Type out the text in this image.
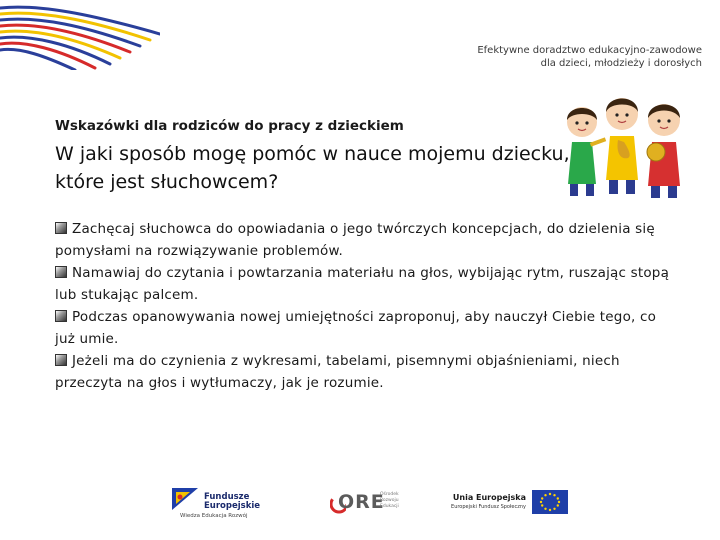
Efektywne doradztwo edukacyjno-zawodowe
dla dzieci, młodzieży i dorosłych
Wskazówki dla rodziców do pracy z dzieckiem
W jaki sposób mogę pomóc w nauce mojemu dziecku, które jest słuchowcem?
Zachęcaj słuchowca do opowiadania o jego twórczych koncepcjach, do dzielenia się pomysłami na rozwiązywanie problemów.
Namawiaj do czytania i powtarzania materiału na głos, wybijając rytm, ruszając stopą lub stukając palcem.
Podczas opanowywania nowej umiejętności zaproponuj, aby nauczył Ciebie tego, co już umie.
Jeżeli ma do czynienia z wykresami, tabelami, pisemnymi objaśnieniami, niech przeczyta na głos i wytłumaczy, jak je rozumie.
Fundusze
Europejskie
Wiedza Edukacja Rozwój
ORE
Ośrodek Rozwoju Edukacji
Unia Europejska
Europejski Fundusz Społeczny
